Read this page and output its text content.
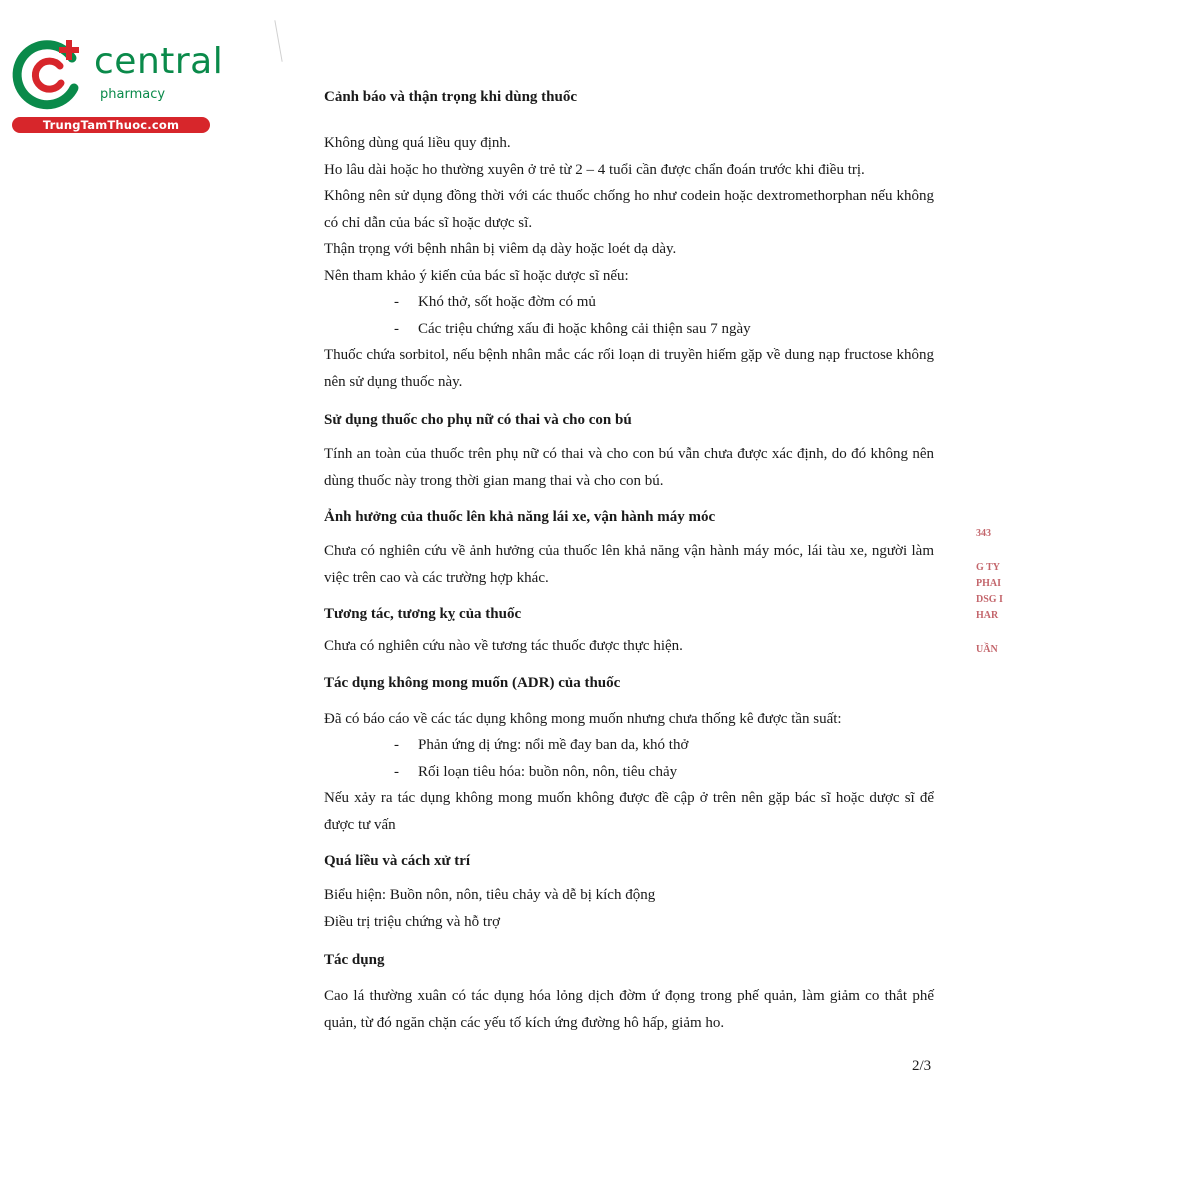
central
pharmacy
TrungTamThuoc.com

Cảnh báo và thận trọng khi dùng thuốc

Không dùng quá liều quy định.

Ho lâu dài hoặc ho thường xuyên ở trẻ từ 2 – 4 tuổi cần được chẩn đoán trước khi điều trị.

Không nên sử dụng đồng thời với các thuốc chống ho như codein hoặc dextromethorphan nếu không có chỉ dẫn của bác sĩ hoặc dược sĩ.

Thận trọng với bệnh nhân bị viêm dạ dày hoặc loét dạ dày.

Nên tham khảo ý kiến của bác sĩ hoặc dược sĩ nếu:

- Khó thở, sốt hoặc đờm có mủ
- Các triệu chứng xấu đi hoặc không cải thiện sau 7 ngày

Thuốc chứa sorbitol, nếu bệnh nhân mắc các rối loạn di truyền hiếm gặp về dung nạp fructose không nên sử dụng thuốc này.

Sử dụng thuốc cho phụ nữ có thai và cho con bú

Tính an toàn của thuốc trên phụ nữ có thai và cho con bú vẫn chưa được xác định, do đó không nên dùng thuốc này trong thời gian mang thai và cho con bú.

Ảnh hưởng của thuốc lên khả năng lái xe, vận hành máy móc

Chưa có nghiên cứu về ảnh hưởng của thuốc lên khả năng vận hành máy móc, lái tàu xe, người làm việc trên cao và các trường hợp khác.

Tương tác, tương kỵ của thuốc

Chưa có nghiên cứu nào về tương tác thuốc được thực hiện.

Tác dụng không mong muốn (ADR) của thuốc

Đã có báo cáo về các tác dụng không mong muốn nhưng chưa thống kê được tần suất:

- Phản ứng dị ứng: nổi mề đay ban da, khó thở
- Rối loạn tiêu hóa: buồn nôn, nôn, tiêu chảy

Nếu xảy ra tác dụng không mong muốn không được đề cập ở trên nên gặp bác sĩ hoặc dược sĩ để được tư vấn

Quá liều và cách xử trí

Biểu hiện: Buồn nôn, nôn, tiêu chảy và dễ bị kích động

Điều trị triệu chứng và hỗ trợ

Tác dụng

Cao lá thường xuân có tác dụng hóa lỏng dịch đờm ứ đọng trong phế quản, làm giảm co thắt phế quản, từ đó ngăn chặn các yếu tố kích ứng đường hô hấp, giảm ho.

2/3
343
G TY
PHAI
DSG I
HAR
UẦN
